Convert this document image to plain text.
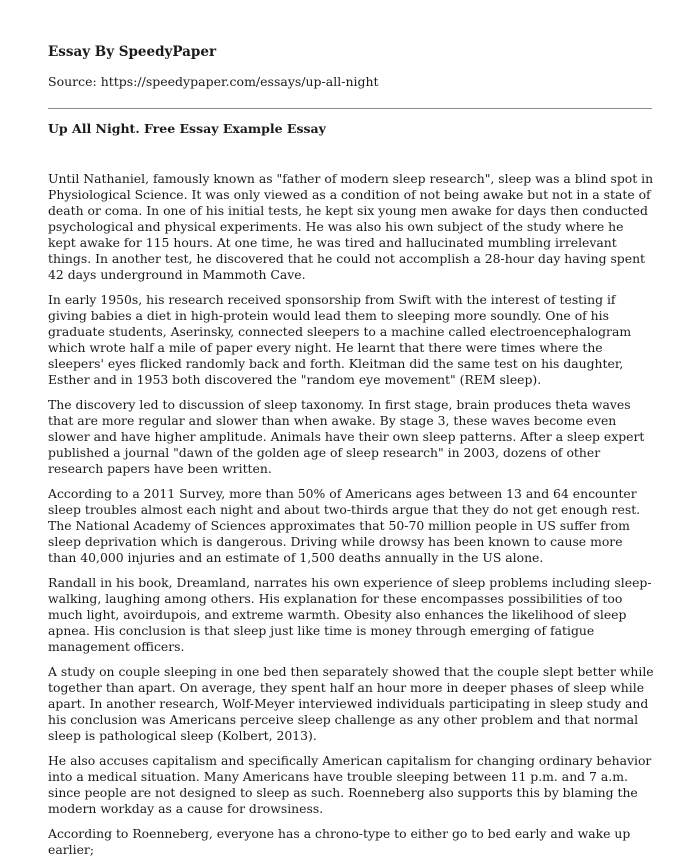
Essay By SpeedyPaper

Source: https://speedypaper.com/essays/up-all-night

Up All Night. Free Essay Example Essay

Until Nathaniel, famously known as "father of modern sleep research", sleep was a blind spot in Physiological Science. It was only viewed as a condition of not being awake but not in a state of death or coma. In one of his initial tests, he kept six young men awake for days then conducted psychological and physical experiments. He was also his own subject of the study where he kept awake for 115 hours. At one time, he was tired and hallucinated mumbling irrelevant things. In another test, he discovered that he could not accomplish a 28-hour day having spent 42 days underground in Mammoth Cave.

In early 1950s, his research received sponsorship from Swift with the interest of testing if giving babies a diet in high-protein would lead them to sleeping more soundly. One of his graduate students, Aserinsky, connected sleepers to a machine called electroencephalogram which wrote half a mile of paper every night. He learnt that there were times where the sleepers' eyes flicked randomly back and forth. Kleitman did the same test on his daughter, Esther and in 1953 both discovered the "random eye movement" (REM sleep).

The discovery led to discussion of sleep taxonomy. In first stage, brain produces theta waves that are more regular and slower than when awake. By stage 3, these waves become even slower and have higher amplitude. Animals have their own sleep patterns. After a sleep expert published a journal "dawn of the golden age of sleep research" in 2003, dozens of other research papers have been written.

According to a 2011 Survey, more than 50% of Americans ages between 13 and 64 encounter sleep troubles almost each night and about two-thirds argue that they do not get enough rest. The National Academy of Sciences approximates that 50-70 million people in US suffer from sleep deprivation which is dangerous. Driving while drowsy has been known to cause more than 40,000 injuries and an estimate of 1,500 deaths annually in the US alone.

Randall in his book, Dreamland, narrates his own experience of sleep problems including sleep-walking, laughing among others. His explanation for these encompasses possibilities of too much light, avoirdupois, and extreme warmth. Obesity also enhances the likelihood of sleep apnea. His conclusion is that sleep just like time is money through emerging of fatigue management officers.

A study on couple sleeping in one bed then separately showed that the couple slept better while together than apart. On average, they spent half an hour more in deeper phases of sleep while apart. In another research, Wolf-Meyer interviewed individuals participating in sleep study and his conclusion was Americans perceive sleep challenge as any other problem and that normal sleep is pathological sleep (Kolbert, 2013).

He also accuses capitalism and specifically American capitalism for changing ordinary behavior into a medical situation. Many Americans have trouble sleeping between 11 p.m. and 7 a.m. since people are not designed to sleep as such. Roenneberg also supports this by blaming the modern workday as a cause for drowsiness.

According to Roenneberg, everyone has a chrono-type to either go to bed early and wake up earlier;
